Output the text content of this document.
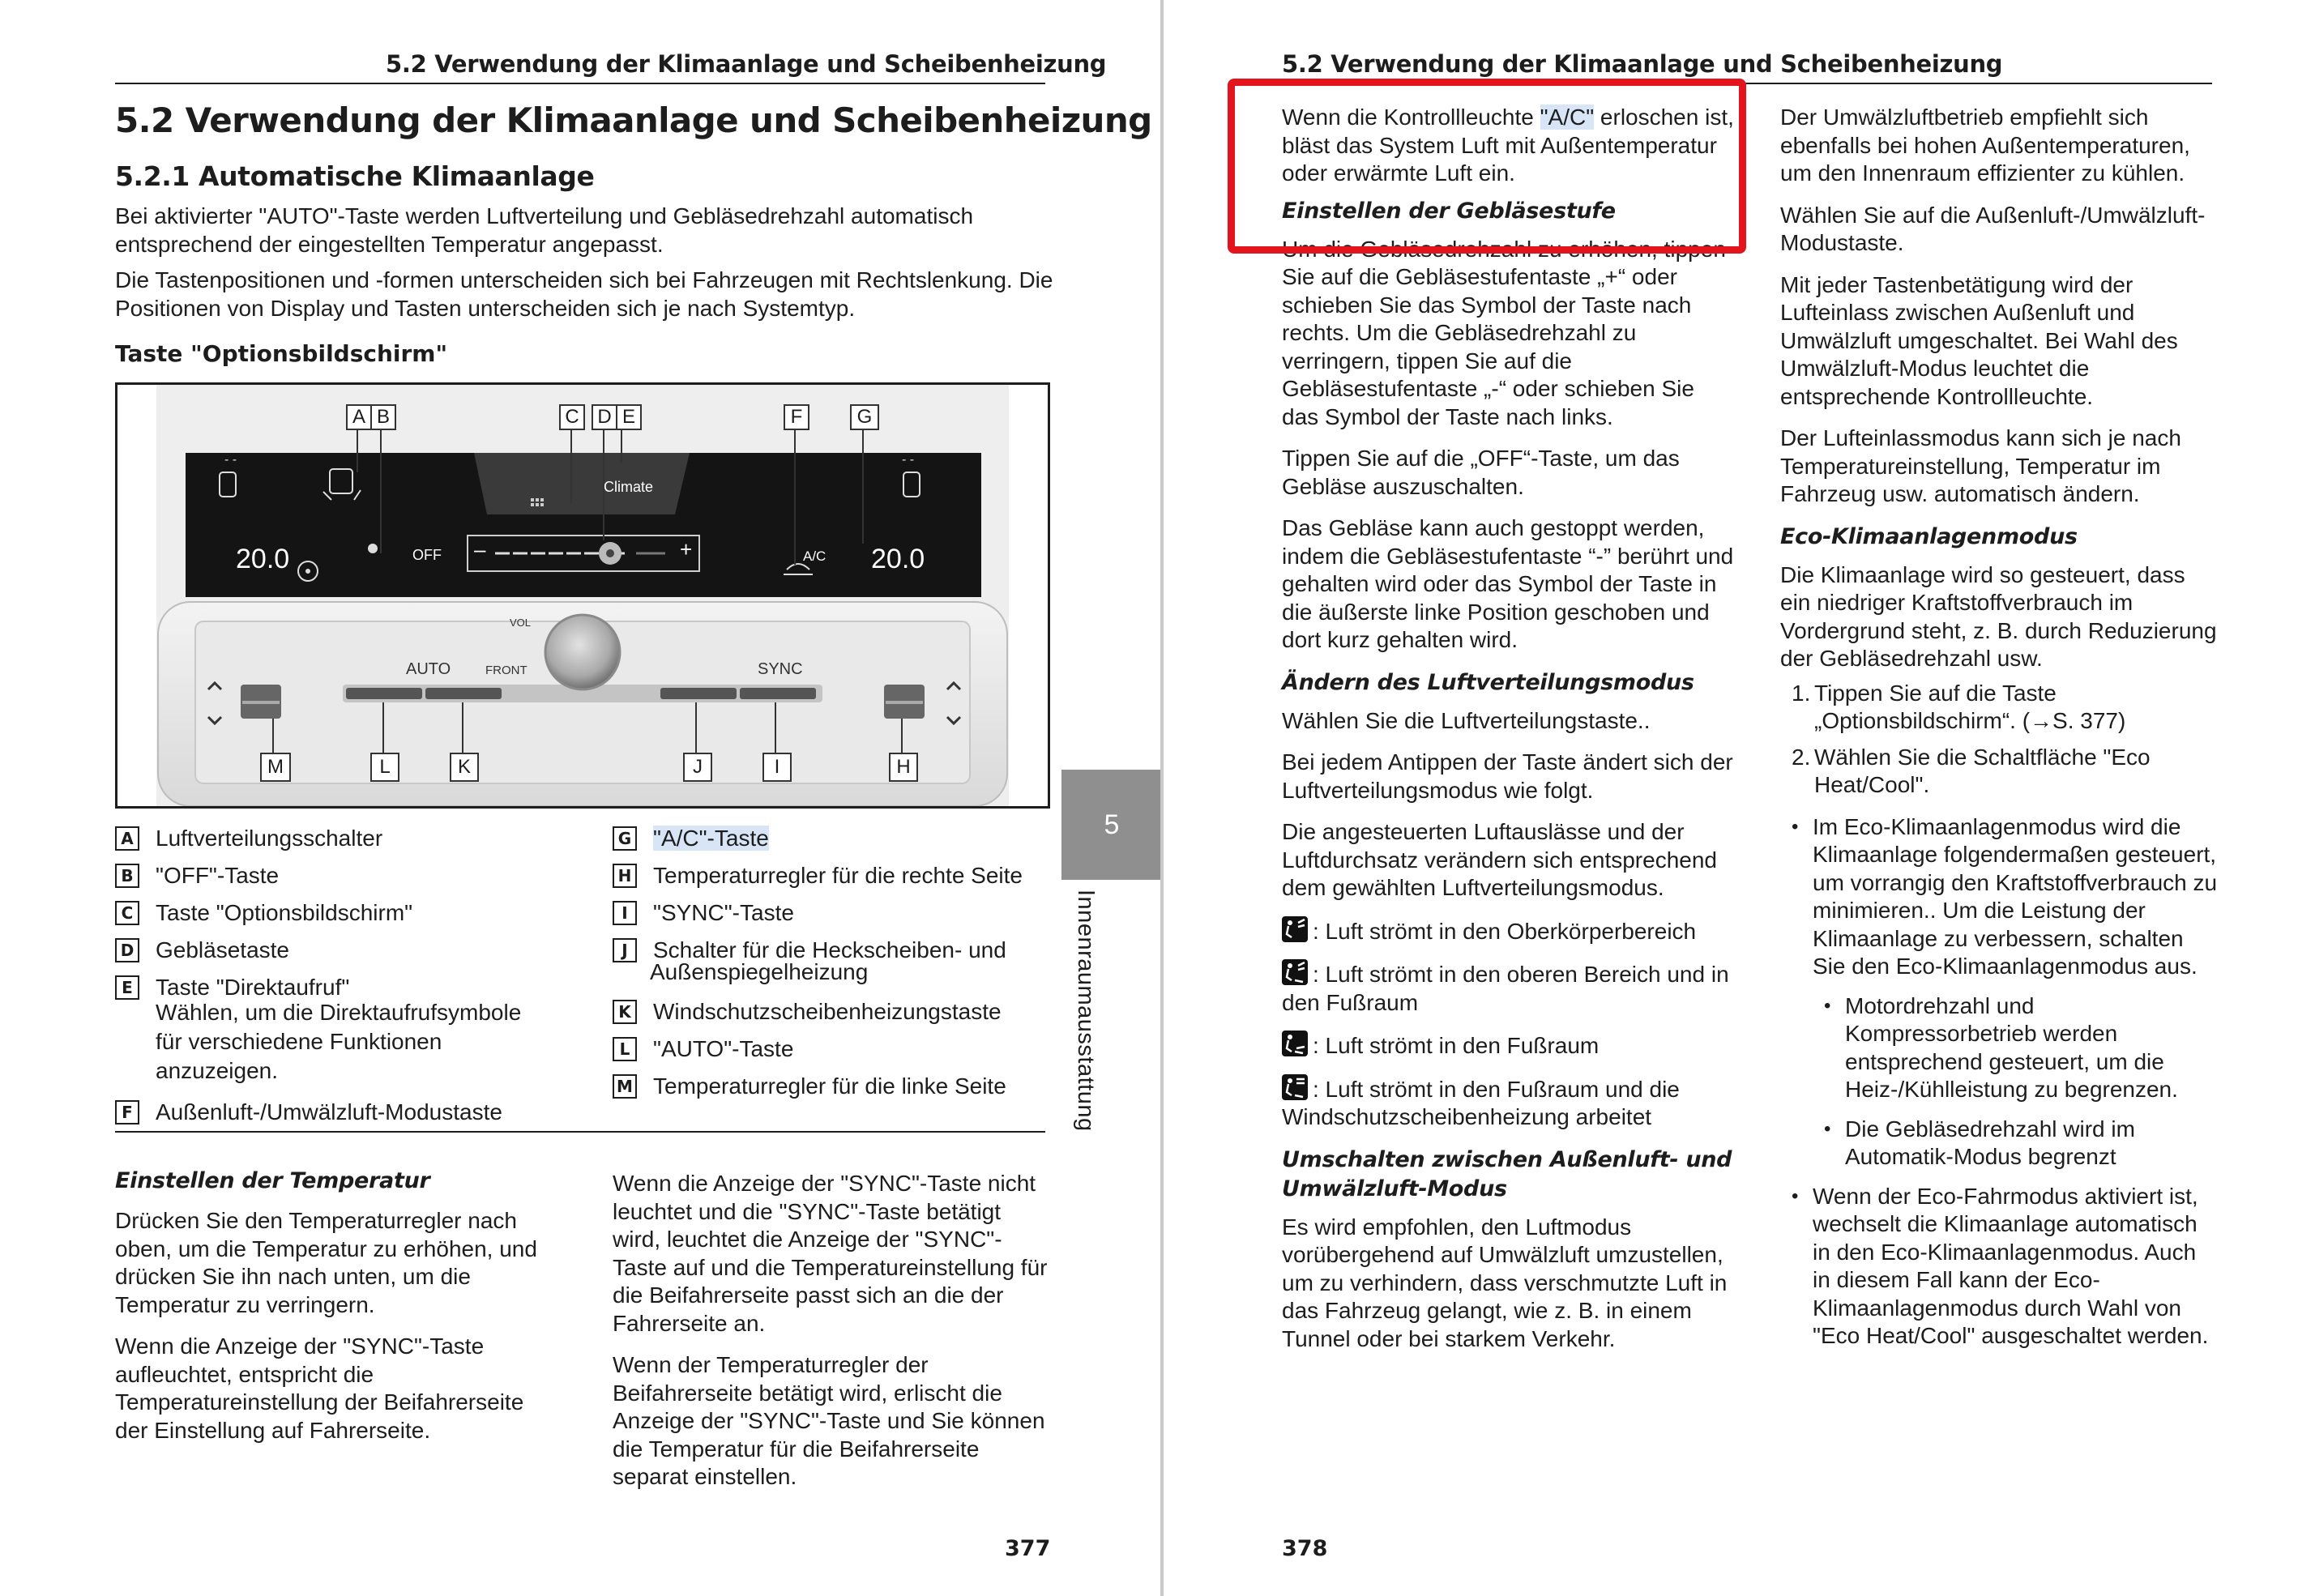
5.2 Verwendung der Klimaanlage und Scheibenheizung
5.2 Verwendung der Klimaanlage und Scheibenheizung
5.2.1 Automatische Klimaanlage

Bei aktivierter "AUTO"-Taste werden Luftverteilung und Gebläsedrehzahl automatisch entsprechend der eingestellten Temperatur angepasst.

Die Tastenpositionen und -formen unterscheiden sich bei Fahrzeugen mit Rechtslenkung. Die Positionen von Display und Tasten unterscheiden sich je nach Systemtyp.

Taste "Optionsbildschirm"
A B	C D E	F	G
M	L	K	J	I	H
20.0	20.0
OFF
Climate
A/C
- -	- -
–	+
AUTO	FRONT	SYNC
VOL
A Luftverteilungsschalter
B "OFF"-Taste
C Taste "Optionsbildschirm"
D Gebläsetaste
E Taste "Direktaufruf"
Wählen, um die Direktaufrufsymbole
für verschiedene Funktionen
anzuzeigen.
F Außenluft-/Umwälzluft-Modustaste
G "A/C"-Taste
H Temperaturregler für die rechte Seite
I "SYNC"-Taste
J Schalter für die Heckscheiben- und
Außenspiegelheizung
K Windschutzscheibenheizungstaste
L "AUTO"-Taste
M Temperaturregler für die linke Seite

Einstellen der Temperatur

Drücken Sie den Temperaturregler nach oben, um die Temperatur zu erhöhen, und drücken Sie ihn nach unten, um die Temperatur zu verringern.

Wenn die Anzeige der "SYNC"-Taste aufleuchtet, entspricht die Temperatureinstellung der Beifahrerseite der Einstellung auf Fahrerseite.

Wenn die Anzeige der "SYNC"-Taste nicht leuchtet und die "SYNC"-Taste betätigt wird, leuchtet die Anzeige der "SYNC"-Taste auf und die Temperatureinstellung für die Beifahrerseite passt sich an die der Fahrerseite an.

Wenn der Temperaturregler der Beifahrerseite betätigt wird, erlischt die Anzeige der "SYNC"-Taste und Sie können die Temperatur für die Beifahrerseite separat einstellen.

377
5
Innenraumausstattung
5.2 Verwendung der Klimaanlage und Scheibenheizung

Wenn die Kontrollleuchte "A/C" erloschen ist, bläst das System Luft mit Außentemperatur oder erwärmte Luft ein.

Einstellen der Gebläsestufe

Um die Gebläsedrehzahl zu erhöhen, tippen Sie auf die Gebläsestufentaste „+“ oder schieben Sie das Symbol der Taste nach rechts. Um die Gebläsedrehzahl zu verringern, tippen Sie auf die Gebläsestufentaste „-“ oder schieben Sie das Symbol der Taste nach links.

Tippen Sie auf die „OFF“-Taste, um das Gebläse auszuschalten.

Das Gebläse kann auch gestoppt werden, indem die Gebläsestufentaste “-” berührt und gehalten wird oder das Symbol der Taste in die äußerste linke Position geschoben und dort kurz gehalten wird.

Ändern des Luftverteilungsmodus

Wählen Sie die Luftverteilungstaste..

Bei jedem Antippen der Taste ändert sich der Luftverteilungsmodus wie folgt.

Die angesteuerten Luftauslässe und der Luftdurchsatz verändern sich entsprechend dem gewählten Luftverteilungsmodus.

: Luft strömt in den Oberkörperbereich

: Luft strömt in den oberen Bereich und in den Fußraum

: Luft strömt in den Fußraum

: Luft strömt in den Fußraum und die Windschutzscheibenheizung arbeitet

Umschalten zwischen Außenluft- und Umwälzluft-Modus

Es wird empfohlen, den Luftmodus vorübergehend auf Umwälzluft umzustellen, um zu verhindern, dass verschmutzte Luft in das Fahrzeug gelangt, wie z. B. in einem Tunnel oder bei starkem Verkehr.

Der Umwälzluftbetrieb empfiehlt sich ebenfalls bei hohen Außentemperaturen, um den Innenraum effizienter zu kühlen.

Wählen Sie auf die Außenluft-/Umwälzluft-Modustaste.

Mit jeder Tastenbetätigung wird der Lufteinlass zwischen Außenluft und Umwälzluft umgeschaltet. Bei Wahl des Umwälzluft-Modus leuchtet die entsprechende Kontrollleuchte.

Der Lufteinlassmodus kann sich je nach Temperatureinstellung, Temperatur im Fahrzeug usw. automatisch ändern.

Eco-Klimaanlagenmodus

Die Klimaanlage wird so gesteuert, dass ein niedriger Kraftstoffverbrauch im Vordergrund steht, z. B. durch Reduzierung der Gebläsedrehzahl usw.

1. Tippen Sie auf die Taste „Optionsbildschirm“. (→S. 377)
2. Wählen Sie die Schaltfläche "Eco Heat/Cool".
• Im Eco-Klimaanlagenmodus wird die Klimaanlage folgendermaßen gesteuert, um vorrangig den Kraftstoffverbrauch zu minimieren.. Um die Leistung der Klimaanlage zu verbessern, schalten Sie den Eco-Klimaanlagenmodus aus.
• Motordrehzahl und Kompressorbetrieb werden entsprechend gesteuert, um die Heiz-/Kühlleistung zu begrenzen.
• Die Gebläsedrehzahl wird im Automatik-Modus begrenzt
• Wenn der Eco-Fahrmodus aktiviert ist, wechselt die Klimaanlage automatisch in den Eco-Klimaanlagenmodus. Auch in diesem Fall kann der Eco-Klimaanlagenmodus durch Wahl von "Eco Heat/Cool" ausgeschaltet werden.
378
